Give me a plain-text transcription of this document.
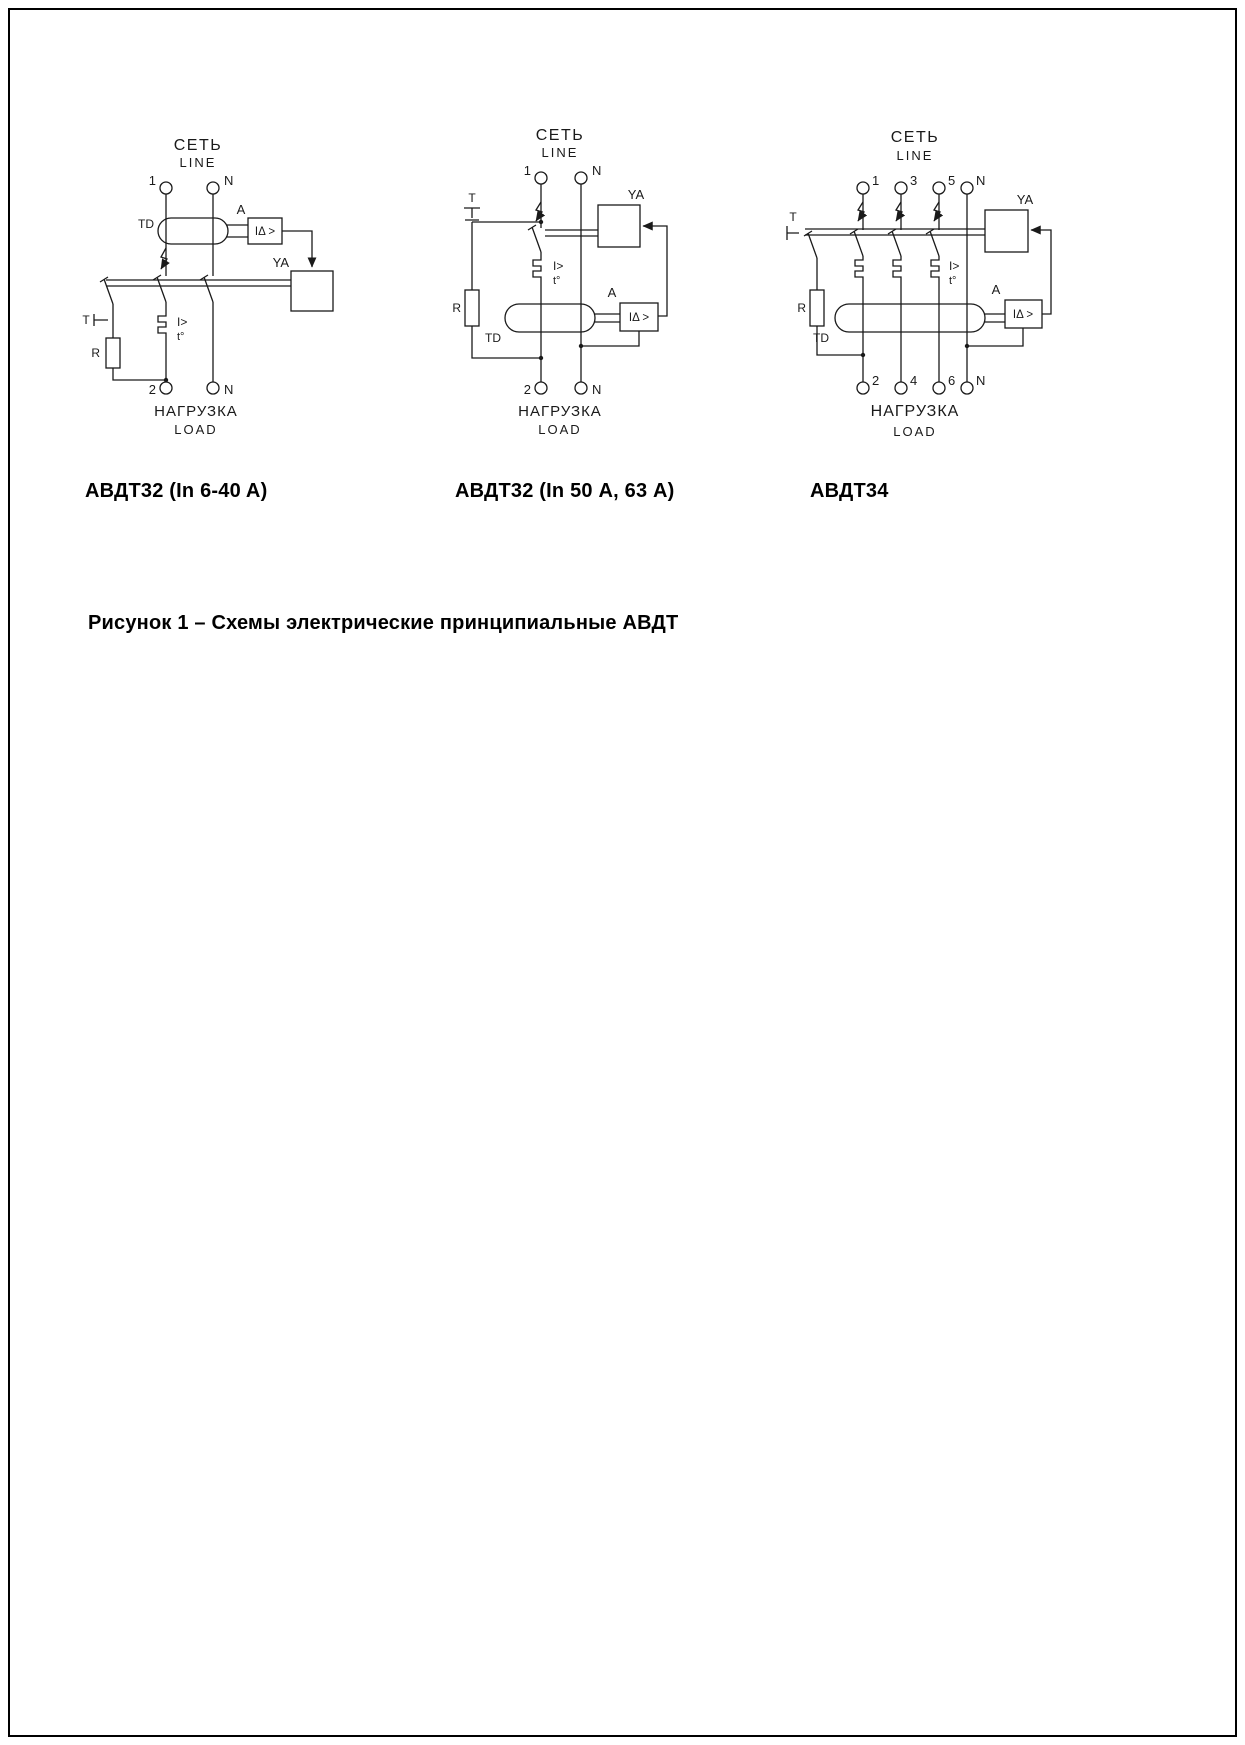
СЕТЬ
LINE
1	N
TD
A
IΔ >
YA
T
R
I>
t°
2	N
НАГРУЗКА
LOAD
СЕТЬ
LINE
1	N
T
R
YA
I>
t°
TD
A
IΔ >
2	N
НАГРУЗКА
LOAD
СЕТЬ
LINE
1 3 5 N
T
R
I>
t°
TD
YA
A
IΔ >
2 4 6 N
НАГРУЗКА
LOAD
АВДТ32 (In 6-40 A)	АВДТ32 (In 50 А, 63 А)	АВДТ34
Рисунок 1 – Схемы электрические принципиальные АВДТ
